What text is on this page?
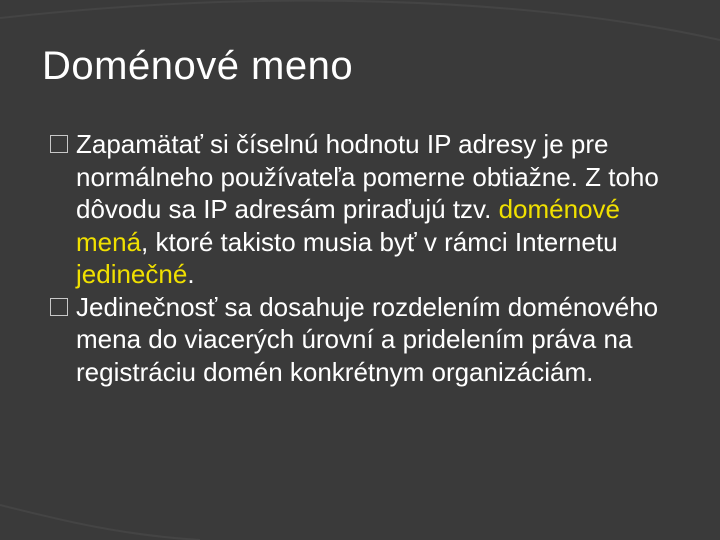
Doménové meno
Zapamätať si číselnú hodnotu IP adresy je pre normálneho používateľa pomerne obtiažne. Z toho dôvodu sa IP adresám priraďujú tzv. doménové mená, ktoré takisto musia byť v rámci Internetu jedinečné.
Jedinečnosť sa dosahuje rozdelením doménového mena do viacerých úrovní a pridelením práva na registráciu domén konkrétnym organizáciám.
